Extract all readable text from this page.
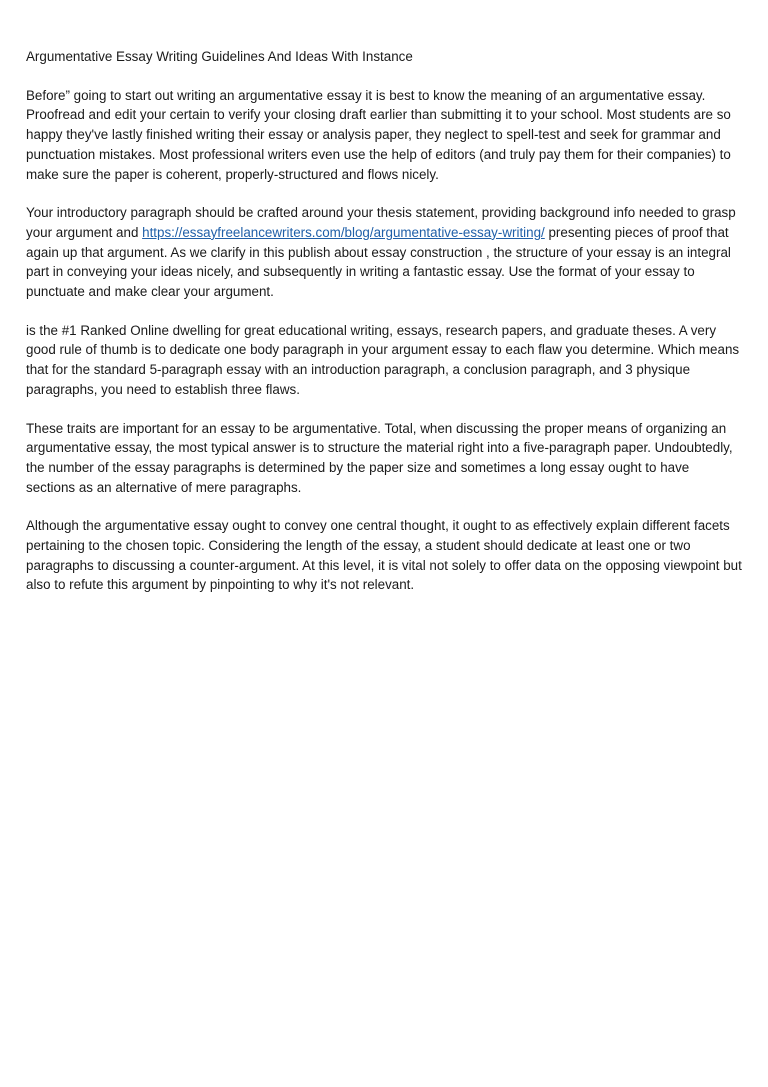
Argumentative Essay Writing Guidelines And Ideas With Instance

Before” going to start out writing an argumentative essay it is best to know the meaning of an argumentative essay. Proofread and edit your certain to verify your closing draft earlier than submitting it to your school. Most students are so happy they've lastly finished writing their essay or analysis paper, they neglect to spell-test and seek for grammar and punctuation mistakes. Most professional writers even use the help of editors (and truly pay them for their companies) to make sure the paper is coherent, properly-structured and flows nicely.

Your introductory paragraph should be crafted around your thesis statement, providing background info needed to grasp your argument and https://essayfreelancewriters.com/blog/argumentative-essay-writing/ presenting pieces of proof that again up that argument. As we clarify in this publish about essay construction , the structure of your essay is an integral part in conveying your ideas nicely, and subsequently in writing a fantastic essay. Use the format of your essay to punctuate and make clear your argument.

is the #1 Ranked Online dwelling for great educational writing, essays, research papers, and graduate theses. A very good rule of thumb is to dedicate one body paragraph in your argument essay to each flaw you determine. Which means that for the standard 5-paragraph essay with an introduction paragraph, a conclusion paragraph, and 3 physique paragraphs, you need to establish three flaws.

These traits are important for an essay to be argumentative. Total, when discussing the proper means of organizing an argumentative essay, the most typical answer is to structure the material right into a five-paragraph paper. Undoubtedly, the number of the essay paragraphs is determined by the paper size and sometimes a long essay ought to have sections as an alternative of mere paragraphs.

Although the argumentative essay ought to convey one central thought, it ought to as effectively explain different facets pertaining to the chosen topic. Considering the length of the essay, a student should dedicate at least one or two paragraphs to discussing a counter-argument. At this level, it is vital not solely to offer data on the opposing viewpoint but also to refute this argument by pinpointing to why it's not relevant.
